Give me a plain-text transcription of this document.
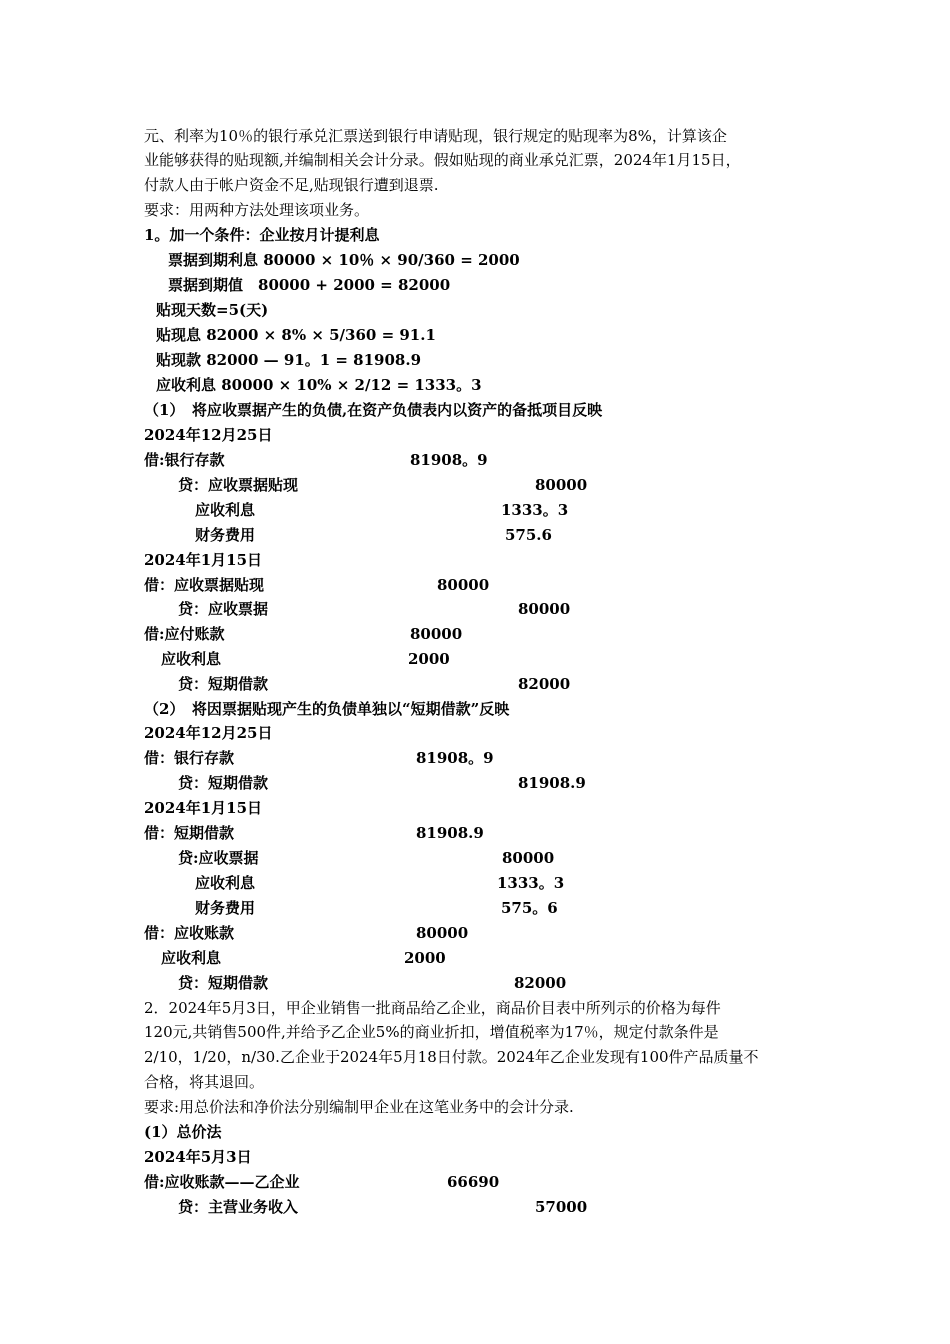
元、利率为10％的银行承兑汇票送到银行申请贴现，银行规定的贴现率为8%，计算该企
业能够获得的贴现额,并编制相关会计分录。假如贴现的商业承兑汇票，2024年1月15日，
付款人由于帐户资金不足,贴现银行遭到退票.
要求：用两种方法处理该项业务。
1。加一个条件：企业按月计提利息
票据到期利息 80000 × 10％ × 90/360 = 2000
票据到期值　80000 + 2000 = 82000
贴现天数=5(天)
贴现息 82000 × 8% × 5/360 = 91.1
贴现款 82000 — 91。1 = 81908.9
应收利息 80000 × 10% × 2/12 = 1333。3
（1）　将应收票据产生的负债,在资产负债表内以资产的备抵项目反映
2024年12月25日
借:银行存款	81908。9
贷：应收票据贴现	80000
应收利息	1333。3
财务费用	575.6
2024年1月15日
借：应收票据贴现	80000
贷：应收票据	80000
借:应付账款	80000
应收利息	2000
贷：短期借款	82000
（2）　将因票据贴现产生的负债单独以“短期借款”反映
2024年12月25日
借：银行存款	81908。9
贷：短期借款	81908.9
2024年1月15日
借：短期借款	81908.9
贷:应收票据	80000
应收利息	1333。3
财务费用	575。6
借：应收账款	80000
应收利息	2000
贷：短期借款	82000
2．2024年5月3日，甲企业销售一批商品给乙企业，商品价目表中所列示的价格为每件
120元,共销售500件,并给予乙企业5%的商业折扣，增值税率为17％，规定付款条件是
2/10，1/20，n/30.乙企业于2024年5月18日付款。2024年乙企业发现有100件产品质量不
合格，将其退回。
要求:用总价法和净价法分别编制甲企业在这笔业务中的会计分录.
(1）总价法
2024年5月3日
借:应收账款——乙企业	66690
贷：主营业务收入	57000
